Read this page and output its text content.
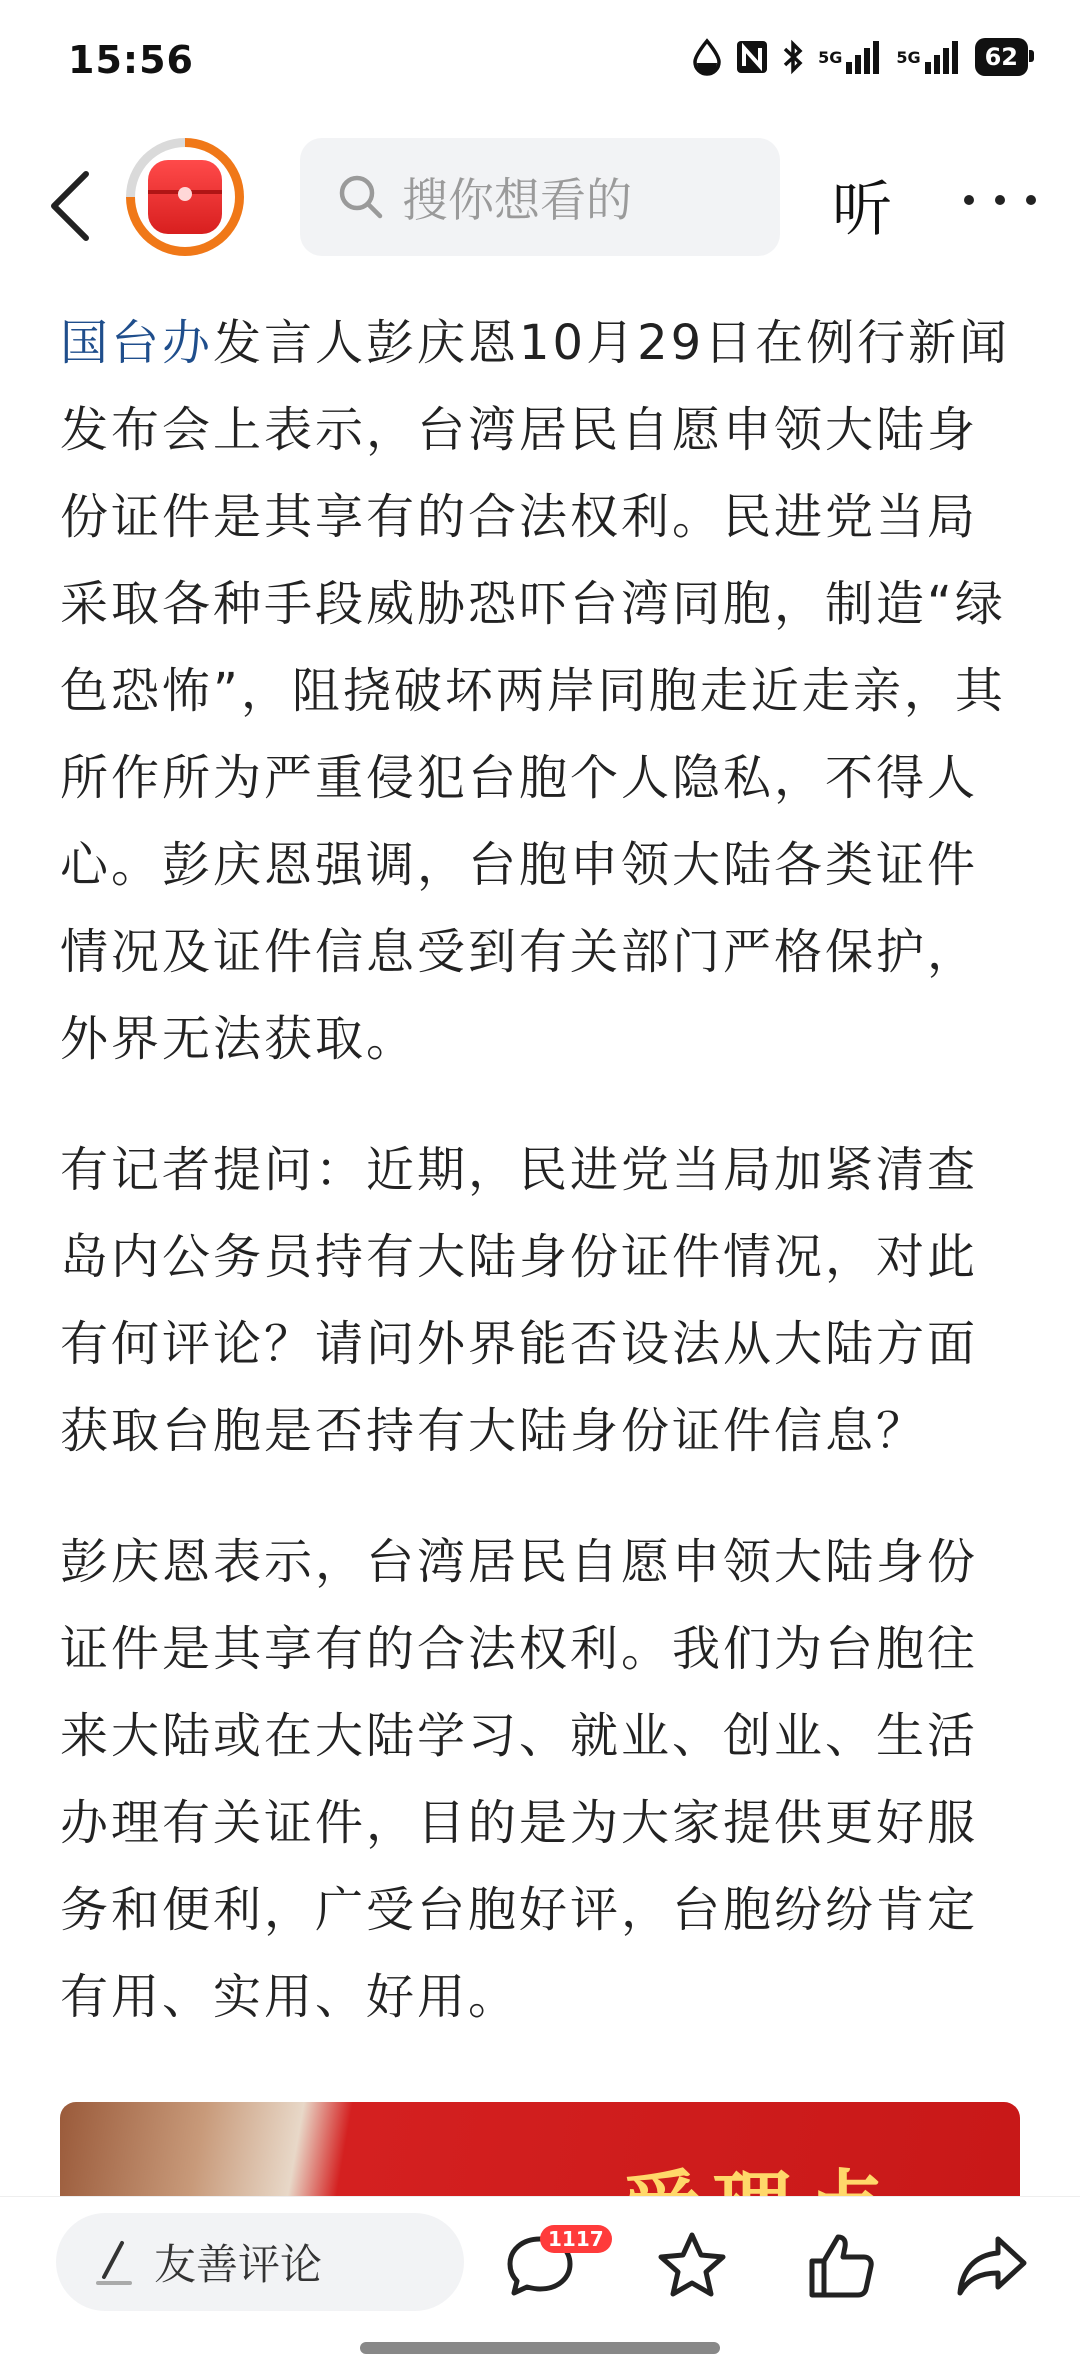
15:56	5G	5G	62
搜你想看的	听

国台办发言人彭庆恩10月29日在例行新闻发布会上表示，台湾居民自愿申领大陆身份证件是其享有的合法权利。民进党当局采取各种手段威胁恐吓台湾同胞，制造“绿色恐怖”，阻挠破坏两岸同胞走近走亲，其所作所为严重侵犯台胞个人隐私，不得人心。彭庆恩强调，台胞申领大陆各类证件情况及证件信息受到有关部门严格保护，外界无法获取。

有记者提问：近期，民进党当局加紧清查岛内公务员持有大陆身份证件情况，对此有何评论？请问外界能否设法从大陆方面获取台胞是否持有大陆身份证件信息？

彭庆恩表示，台湾居民自愿申领大陆身份证件是其享有的合法权利。我们为台胞往来大陆或在大陆学习、就业、创业、生活办理有关证件，目的是为大家提供更好服务和便利，广受台胞好评，台胞纷纷肯定有用、实用、好用。

友善评论
1117
